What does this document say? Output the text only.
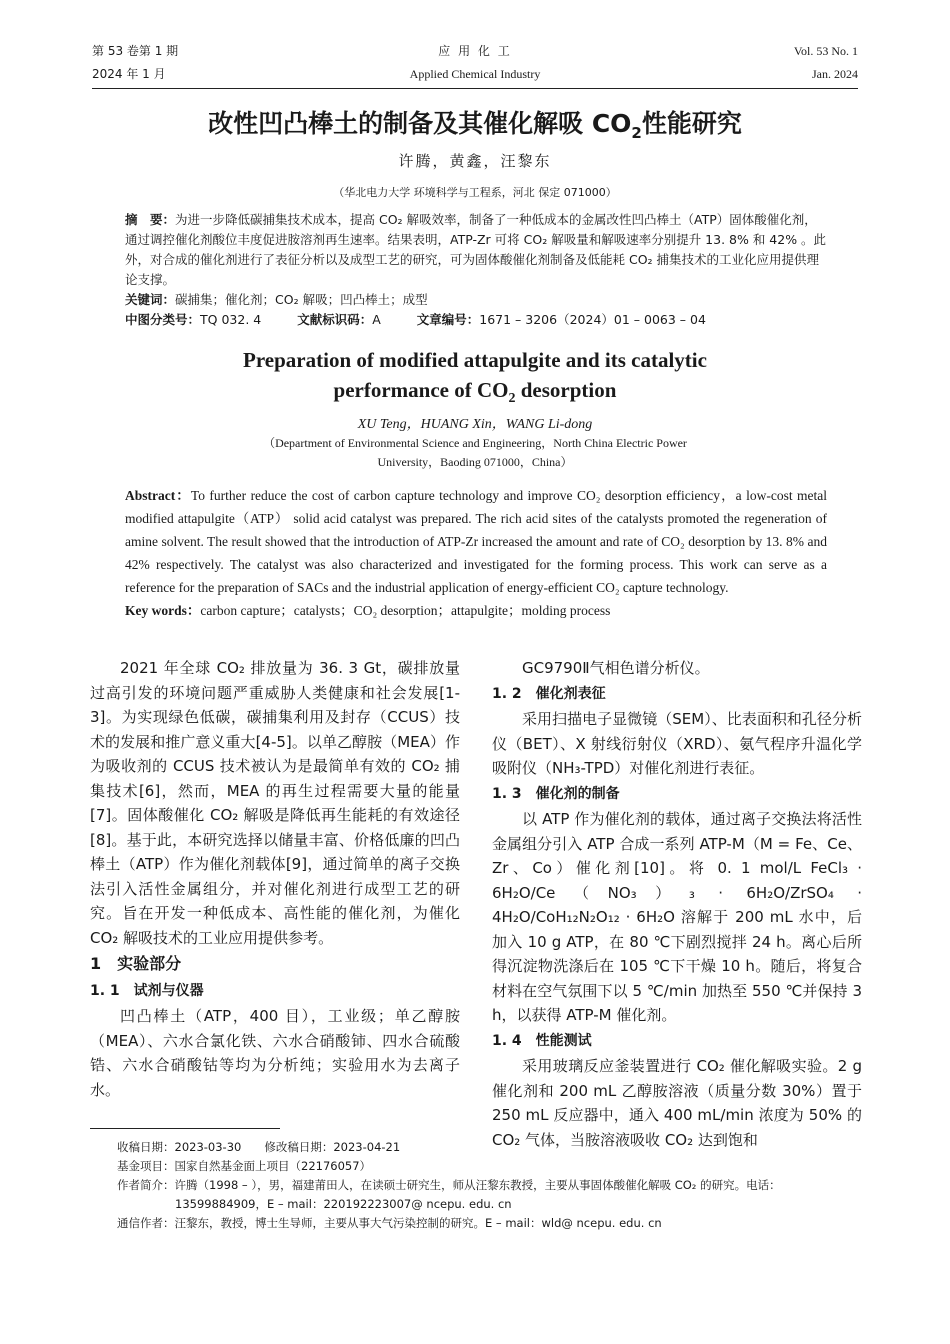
第 53 卷第 1 期
2024 年 1 月
应 用 化 工
Applied Chemical Industry
Vol. 53 No. 1
Jan. 2024
改性凹凸棒土的制备及其催化解吸 $CO_2$性能研究
许腾，黄鑫，汪黎东
（华北电力大学 环境科学与工程系，河北 保定 071000）
摘　要：为进一步降低碳捕集技术成本，提高 CO₂ 解吸效率，制备了一种低成本的金属改性凹凸棒土（ATP）固体酸催化剂，通过调控催化剂酸位丰度促进胺溶剂再生速率。结果表明，ATP-Zr 可将 CO₂ 解吸量和解吸速率分别提升 13. 8% 和 42% 。此外，对合成的催化剂进行了表征分析以及成型工艺的研究，可为固体酸催化剂制备及低能耗 CO₂ 捕集技术的工业化应用提供理论支撑。
关键词：碳捕集；催化剂；CO₂ 解吸；凹凸棒土；成型
中图分类号：TQ 032. 4	文献标识码：A	文章编号：1671 – 3206（2024）01 – 0063 – 04
Preparation of modified attapulgite and its catalytic
performance of $CO_2$ desorption
XU Teng，HUANG Xin，WANG Li-dong
（Department of Environmental Science and Engineering，North China Electric Power
University，Baoding 071000，China）
Abstract：To further reduce the cost of carbon capture technology and improve CO₂ desorption efficiency，a low-cost metal modified attapulgite（ATP） solid acid catalyst was prepared. The rich acid sites of the catalysts promoted the regeneration of amine solvent. The result showed that the introduction of ATP-Zr increased the amount and rate of CO₂ desorption by 13. 8% and 42% respectively. The catalyst was also characterized and investigated for the forming process. This work can serve as a reference for the preparation of SACs and the industrial application of energy-efficient CO₂ capture technology.
Key words：carbon capture；catalysts；CO₂ desorption；attapulgite；molding process

2021 年全球 CO₂ 排放量为 36. 3 Gt，碳排放量过高引发的环境问题严重威胁人类健康和社会发展[1-3]。为实现绿色低碳，碳捕集利用及封存（CCUS）技术的发展和推广意义重大[4-5]。以单乙醇胺（MEA）作为吸收剂的 CCUS 技术被认为是最简单有效的 CO₂ 捕集技术[6]，然而，MEA 的再生过程需要大量的能量[7]。固体酸催化 CO₂ 解吸是降低再生能耗的有效途径[8]。基于此，本研究选择以储量丰富、价格低廉的凹凸棒土（ATP）作为催化剂载体[9]，通过简单的离子交换法引入活性金属组分，并对催化剂进行成型工艺的研究。旨在开发一种低成本、高性能的催化剂，为催化 CO₂ 解吸技术的工业应用提供参考。

1　实验部分
1. 1　试剂与仪器

凹凸棒土（ATP，400 目），工业级；单乙醇胺（MEA）、六水合氯化铁、六水合硝酸铈、四水合硫酸锆、六水合硝酸钴等均为分析纯；实验用水为去离子水。

GC9790Ⅱ气相色谱分析仪。

1. 2　催化剂表征

采用扫描电子显微镜（SEM）、比表面积和孔径分析仪（BET）、X 射线衍射仪（XRD）、氨气程序升温化学吸附仪（NH₃-TPD）对催化剂进行表征。

1. 3　催化剂的制备

以 ATP 作为催化剂的载体，通过离子交换法将活性金属组分引入 ATP 合成一系列 ATP-M（M = Fe、Ce、Zr、Co）催化剂[10]。将 0. 1 mol/L FeCl₃ · 6H₂O/Ce（NO₃）₃ · 6H₂O/ZrSO₄ · 4H₂O/CoH₁₂N₂O₁₂ · 6H₂O 溶解于 200 mL 水中，后加入 10 g ATP，在 80 ℃下剧烈搅拌 24 h。离心后所得沉淀物洗涤后在 105 ℃下干燥 10 h。随后，将复合材料在空气氛围下以 5 ℃/min 加热至 550 ℃并保持 3 h，以获得 ATP-M 催化剂。

1. 4　性能测试

采用玻璃反应釜装置进行 CO₂ 催化解吸实验。2 g 催化剂和 200 mL 乙醇胺溶液（质量分数 30%）置于 250 mL 反应器中，通入 400 mL/min 浓度为 50% 的 CO₂ 气体，当胺溶液吸收 CO₂ 达到饱和

收稿日期：2023-03-30　　修改稿日期：2023-04-21
基金项目：国家自然基金面上项目（22176057）
作者简介：许腾（1998 – ），男，福建莆田人，在读硕士研究生，师从汪黎东教授，主要从事固体酸催化解吸 CO₂ 的研究。电话：
13599884909，E – mail：220192223007@ ncepu. edu. cn
通信作者：汪黎东，教授，博士生导师，主要从事大气污染控制的研究。E – mail：wld@ ncepu. edu. cn
